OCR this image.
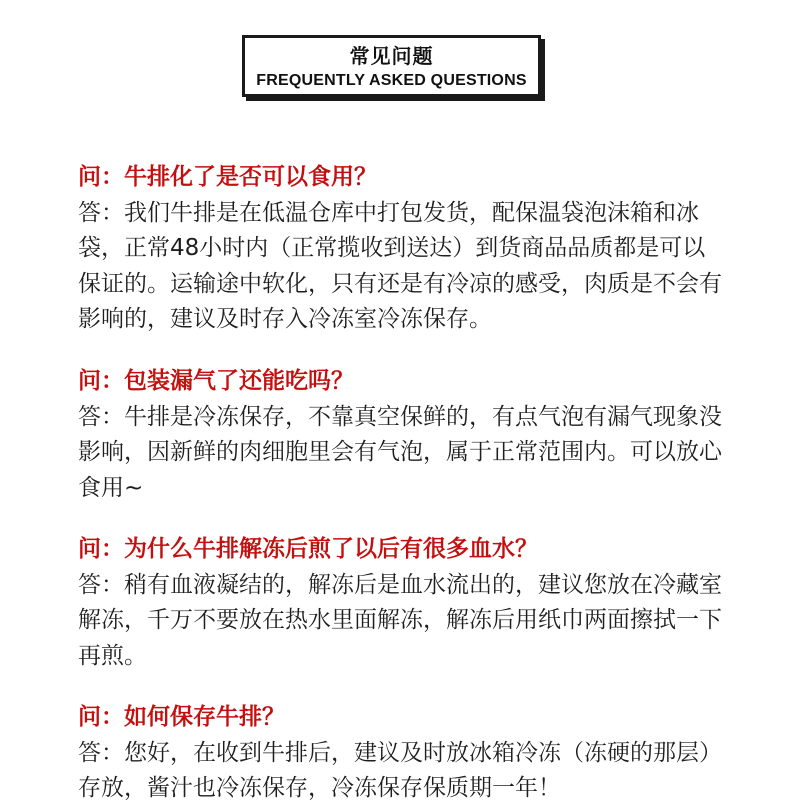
常见问题
FREQUENTLY ASKED QUESTIONS
问：牛排化了是否可以食用？
答：我们牛排是在低温仓库中打包发货，配保温袋泡沫箱和冰袋，正常48小时内（正常揽收到送达）到货商品品质都是可以保证的。运输途中软化，只有还是有冷凉的感受，肉质是不会有影响的，建议及时存入冷冻室冷冻保存。
问：包装漏气了还能吃吗？
答：牛排是冷冻保存，不靠真空保鲜的，有点气泡有漏气现象没影响，因新鲜的肉细胞里会有气泡，属于正常范围内。可以放心食用~
问：为什么牛排解冻后煎了以后有很多血水？
答：稍有血液凝结的，解冻后是血水流出的，建议您放在冷藏室解冻，千万不要放在热水里面解冻，解冻后用纸巾两面擦拭一下再煎。
问：如何保存牛排？
答：您好，在收到牛排后，建议及时放冰箱冷冻（冻硬的那层）存放，酱汁也冷冻保存，冷冻保存保质期一年！
